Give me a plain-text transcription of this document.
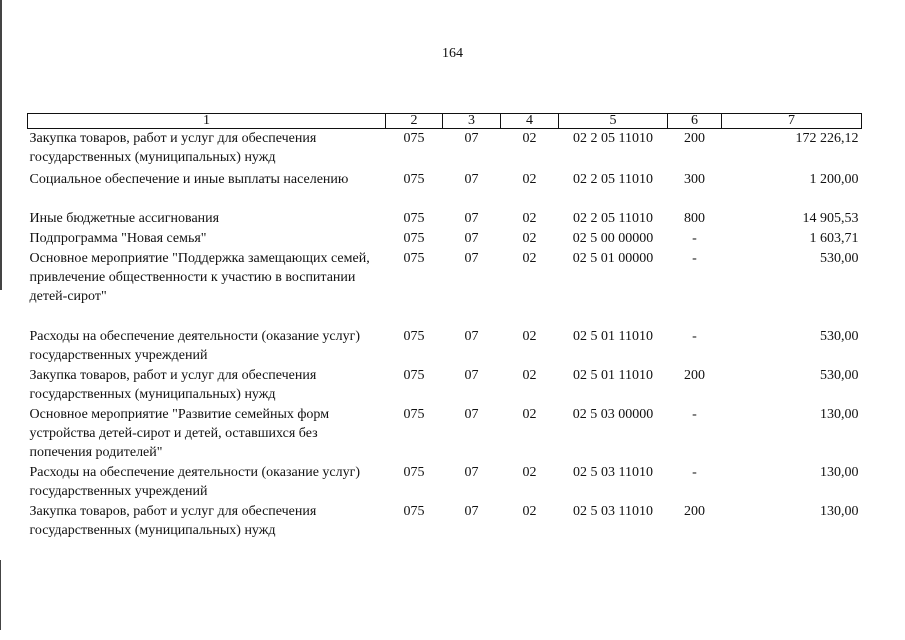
164
1	2	3	4	5	6	7
Закупка товаров, работ и услуг для обеспечения государственных (муниципальных) нужд	075	07	02	02 2 05 11010	200	172 226,12
Социальное обеспечение и иные выплаты населению	075	07	02	02 2 05 11010	300	1 200,00
Иные бюджетные ассигнования	075	07	02	02 2 05 11010	800	14 905,53
Подпрограмма "Новая семья"	075	07	02	02 5 00 00000	-	1 603,71
Основное мероприятие "Поддержка замещающих семей, привлечение общественности к участию в воспитании детей-сирот"	075	07	02	02 5 01 00000	-	530,00
Расходы на обеспечение деятельности (оказание услуг) государственных учреждений	075	07	02	02 5 01 11010	-	530,00
Закупка товаров, работ и услуг для обеспечения государственных (муниципальных) нужд	075	07	02	02 5 01 11010	200	530,00
Основное мероприятие "Развитие семейных форм устройства детей-сирот и детей, оставшихся без попечения родителей"	075	07	02	02 5 03 00000	-	130,00
Расходы на обеспечение деятельности (оказание услуг) государственных учреждений	075	07	02	02 5 03 11010	-	130,00
Закупка товаров, работ и услуг для обеспечения государственных (муниципальных) нужд	075	07	02	02 5 03 11010	200	130,00
